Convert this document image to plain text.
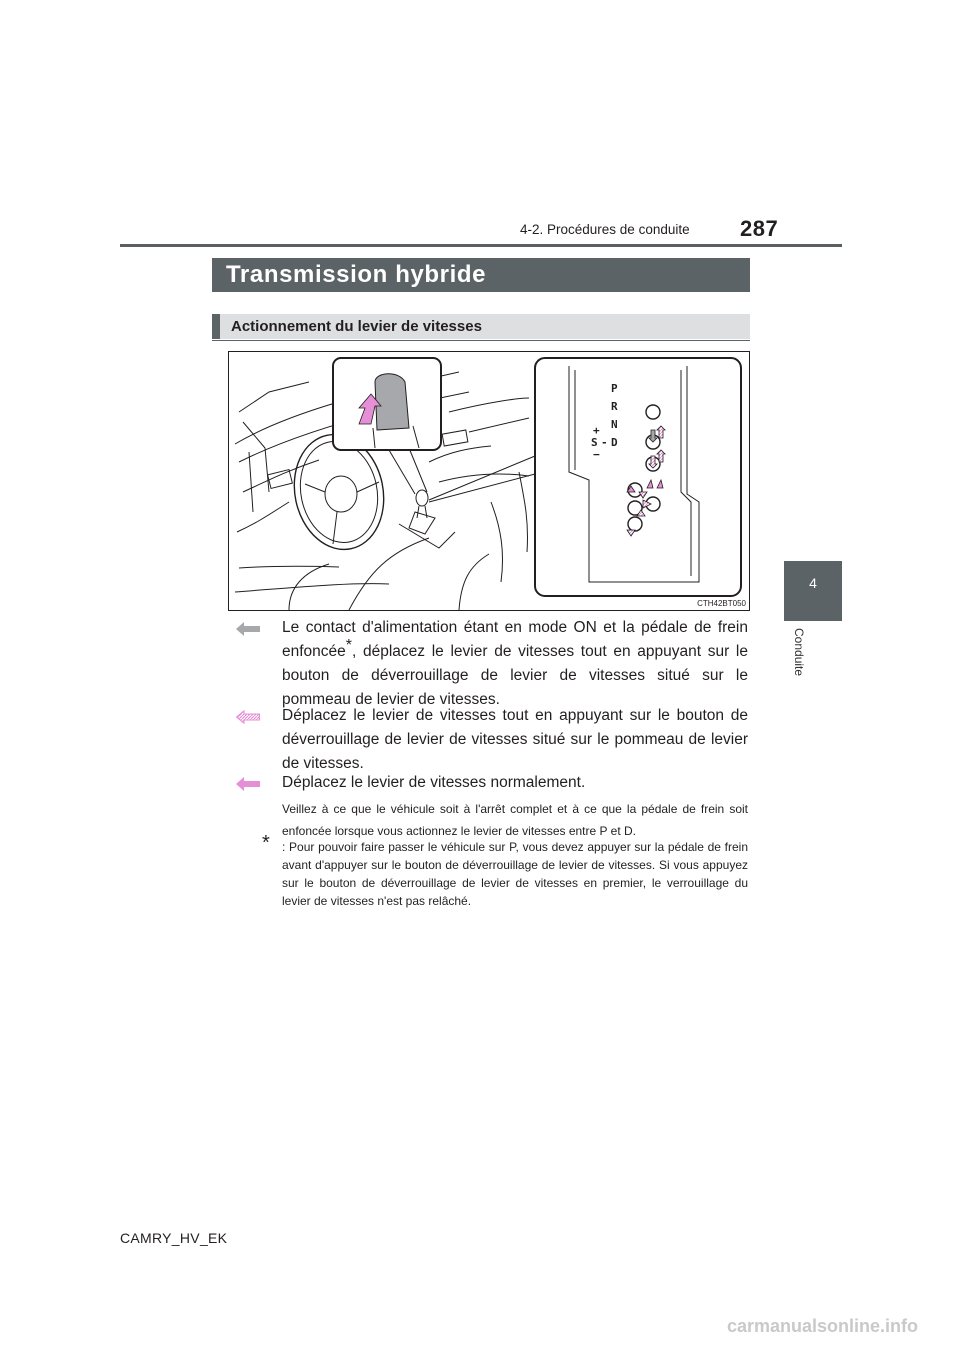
287
4-2. Procédures de conduite
4
Conduite
Transmission hybride
Actionnement du levier de vitesses
P
R
N
D
S
+
-
−
CTH42BT050
Le contact d'alimentation étant en mode ON et la pédale de frein enfoncée*, déplacez le levier de vitesses tout en appuyant sur le bouton de déverrouillage de levier de vitesses situé sur le pommeau de levier de vitesses.
Déplacez le levier de vitesses tout en appuyant sur le bouton de déverrouillage de levier de vitesses situé sur le pommeau de levier de vitesses.
Déplacez le levier de vitesses normalement.
Veillez à ce que le véhicule soit à l'arrêt complet et à ce que la pédale de frein soit enfoncée lorsque vous actionnez le levier de vitesses entre P et D.
* : Pour pouvoir faire passer le véhicule sur P, vous devez appuyer sur la pédale de frein avant d'appuyer sur le bouton de déverrouillage de levier de vitesses. Si vous appuyez sur le bouton de déverrouillage de levier de vitesses en premier, le verrouillage du levier de vitesses n'est pas relâché.
CAMRY_HV_EK
carmanualsonline.info
